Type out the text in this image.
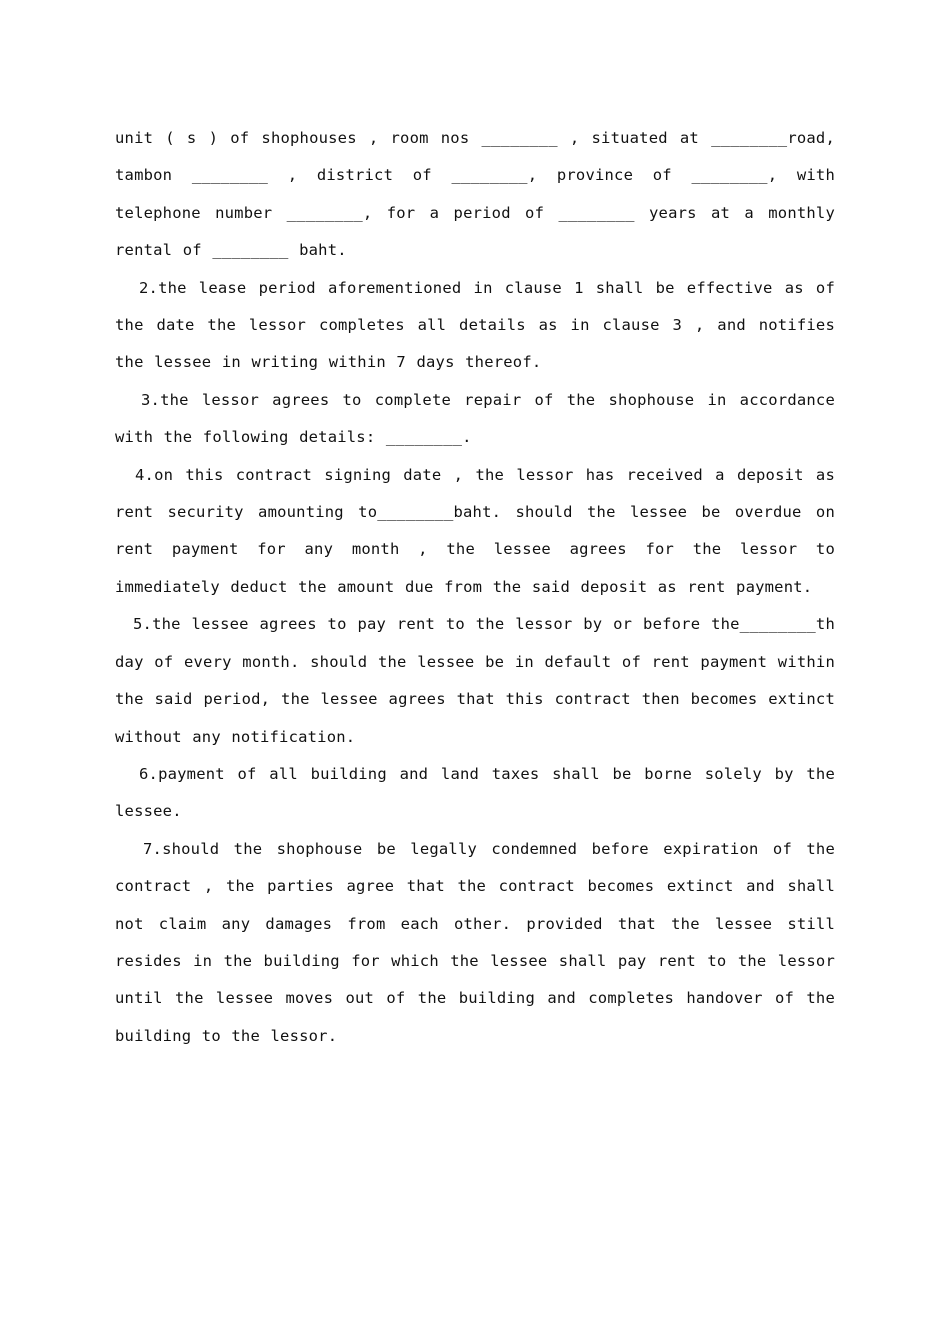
unit ( s ) of shophouses , room nos ________ , situated at ________road, tambon ________ , district of ________, province of ________, with telephone number ________, for a period of ________ years at a monthly rental of ________ baht.

2.the lease period aforementioned in clause 1 shall be effective as of the date the lessor completes all details as in clause 3 , and notifies the lessee in writing within 7 days thereof.

3.the lessor agrees to complete repair of the shophouse in accordance with the following details: ________.

4.on this contract signing date , the lessor has received a deposit as rent security amounting to________baht. should the lessee be overdue on rent payment for any month , the lessee agrees for the lessor to immediately deduct the amount due from the said deposit as rent payment.

5.the lessee agrees to pay rent to the lessor by or before the________th day of every month. should the lessee be in default of rent payment within the said period, the lessee agrees that this contract then becomes extinct without any notification.

6.payment of all building and land taxes shall be borne solely by the lessee.

7.should the shophouse be legally condemned before expiration of the contract , the parties agree that the contract becomes extinct and shall not claim any damages from each other. provided that the lessee still resides in the building for which the lessee shall pay rent to the lessor until the lessee moves out of the building and completes handover of the building to the lessor.
